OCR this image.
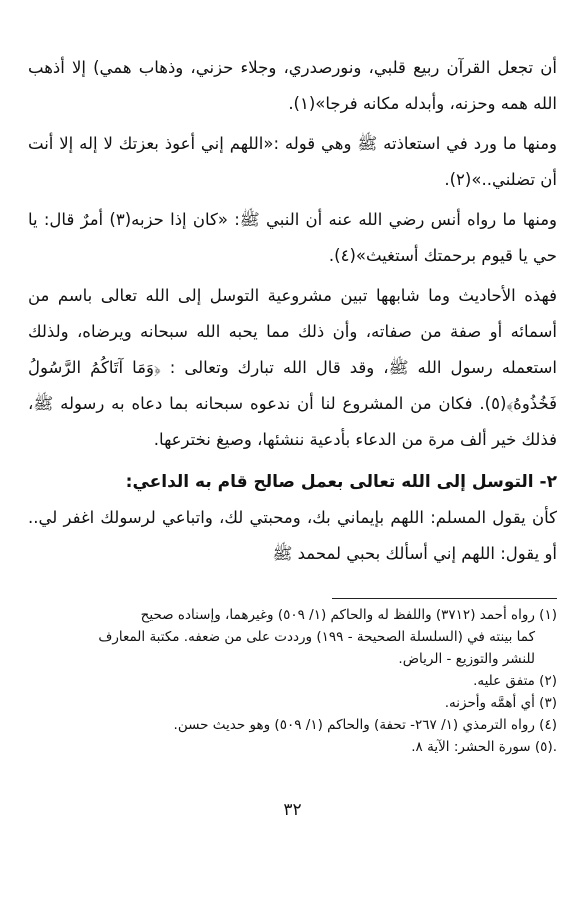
أن تجعل القرآن ربيع قلبي، ونورصدري، وجلاء حزني، وذهاب همي) إلا أذهب الله همه وحزنه، وأبدله مكانه فرجا»(١).

ومنها ما ورد في استعاذته ﷺ وهي قوله :«اللهم إني أعوذ بعزتك لا إله إلا أنت أن تضلني..»(٢).

ومنها ما رواه أنس رضي الله عنه أن النبي ﷺ: «كان إذا حزبه(٣) أمرٌ قال: يا حي يا قيوم برحمتك أستغيث»(٤).

فهذه الأحاديث وما شابهها تبين مشروعية التوسل إلى الله تعالى باسم من أسمائه أو صفة من صفاته، وأن ذلك مما يحبه الله سبحانه ويرضاه، ولذلك استعمله رسول الله ﷺ، وقد قال الله تبارك وتعالى : ﴿وَمَا آتَاكُمُ الرَّسُولُ فَخُذُوهُ﴾(٥). فكان من المشروع لنا أن ندعوه سبحانه بما دعاه به رسوله ﷺ، فذلك خير ألف مرة من الدعاء بأدعية ننشئها، وصيغ نخترعها.

٢- التوسل إلى الله تعالى بعمل صالح قام به الداعي:

كأن يقول المسلم: اللهم بإيماني بك، ومحبتي لك، واتباعي لرسولك اغفر لي.. أو يقول: اللهم إني أسألك بحبي لمحمد ﷺ

(١) رواه أحمد (٣٧١٢) واللفظ له والحاكم (١/ ٥٠٩) وغيرهما، وإسناده صحيح

كما بينته في (السلسلة الصحيحة - ١٩٩) ورددت على من ضعفه. مكتبة المعارف

للنشر والتوزيع - الرياض.

(٢) متفق عليه.

(٣) أي أهمَّه وأحزنه.

(٤) رواه الترمذي (١/ ٢٦٧- تحفة) والحاكم (١/ ٥٠٩) وهو حديث حسن.

.(٥) سورة الحشر: الآية ٨.

٣٢
